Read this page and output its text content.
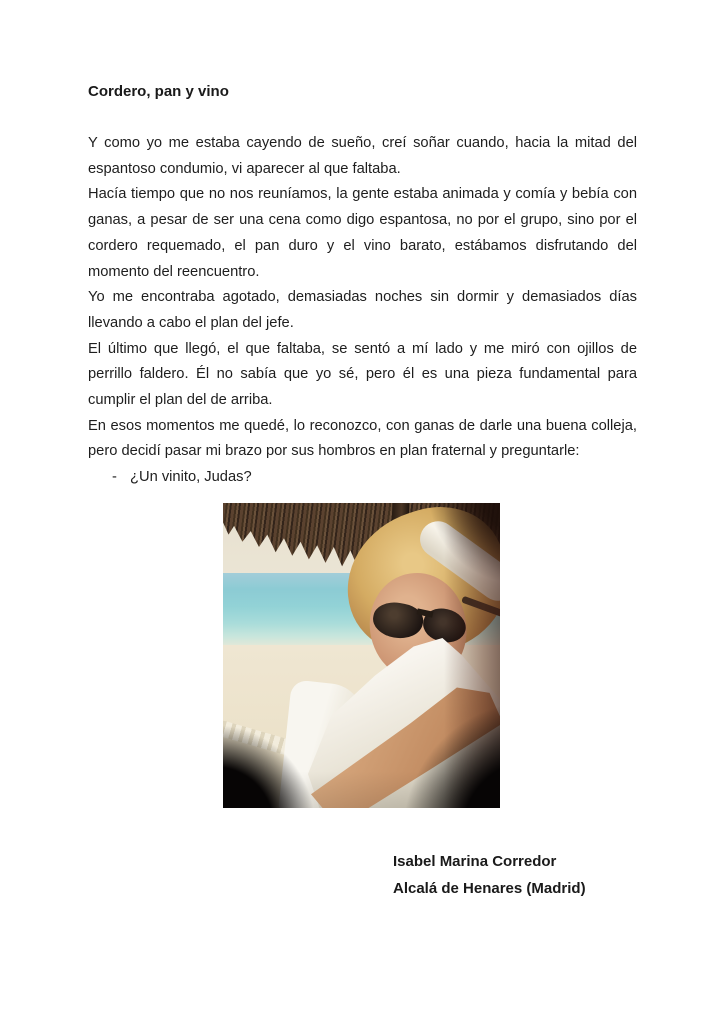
Cordero, pan y vino

Y como yo me estaba cayendo de sueño, creí soñar cuando, hacia la mitad del espantoso condumio, vi aparecer al que faltaba.

Hacía tiempo que no nos reuníamos, la gente estaba animada y comía y bebía con ganas, a pesar de ser una cena como digo espantosa, no por el grupo, sino por el cordero requemado, el pan duro y el vino barato, estábamos disfrutando del momento del reencuentro.

Yo me encontraba agotado, demasiadas noches sin dormir y demasiados días llevando a cabo el plan del jefe.

El último que llegó, el que faltaba, se sentó a mí lado y me miró con ojillos de perrillo faldero. Él no sabía que yo sé, pero él es una pieza fundamental para cumplir el plan del de arriba.

En esos momentos me quedé, lo reconozco, con ganas de darle una buena colleja, pero decidí pasar mi brazo por sus hombros en plan fraternal y preguntarle:

- ¿Un vinito, Judas?
Isabel Marina Corredor
Alcalá de Henares (Madrid)
